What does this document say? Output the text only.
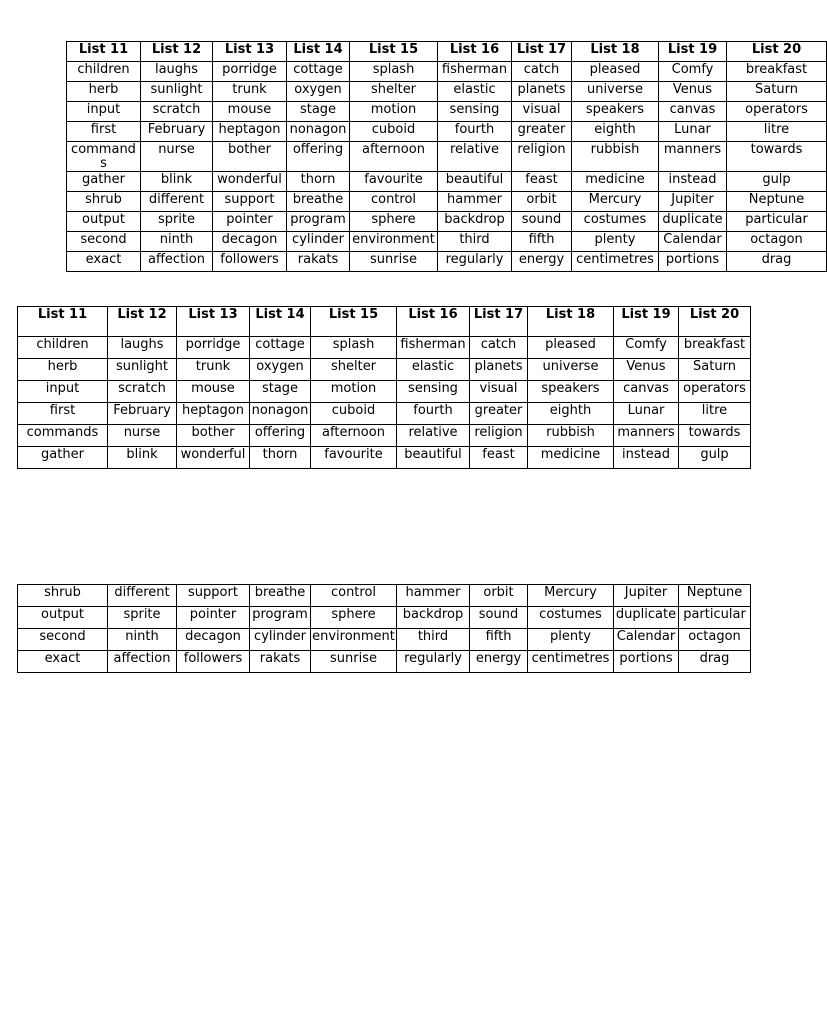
List 11	List 12	List 13	List 14	List 15	List 16	List 17	List 18	List 19	List 20
children	laughs	porridge	cottage	splash	fisherman	catch	pleased	Comfy	breakfast
herb	sunlight	trunk	oxygen	shelter	elastic	planets	universe	Venus	Saturn
input	scratch	mouse	stage	motion	sensing	visual	speakers	canvas	operators
first	February	heptagon	nonagon	cuboid	fourth	greater	eighth	Lunar	litre
commands	nurse	bother	offering	afternoon	relative	religion	rubbish	manners	towards
gather	blink	wonderful	thorn	favourite	beautiful	feast	medicine	instead	gulp
shrub	different	support	breathe	control	hammer	orbit	Mercury	Jupiter	Neptune
output	sprite	pointer	program	sphere	backdrop	sound	costumes	duplicate	particular
second	ninth	decagon	cylinder	environment	third	fifth	plenty	Calendar	octagon
exact	affection	followers	rakats	sunrise	regularly	energy	centimetres	portions	drag
List 11	List 12	List 13	List 14	List 15	List 16	List 17	List 18	List 19	List 20
children	laughs	porridge	cottage	splash	fisherman	catch	pleased	Comfy	breakfast
herb	sunlight	trunk	oxygen	shelter	elastic	planets	universe	Venus	Saturn
input	scratch	mouse	stage	motion	sensing	visual	speakers	canvas	operators
first	February	heptagon	nonagon	cuboid	fourth	greater	eighth	Lunar	litre
commands	nurse	bother	offering	afternoon	relative	religion	rubbish	manners	towards
gather	blink	wonderful	thorn	favourite	beautiful	feast	medicine	instead	gulp
shrub	different	support	breathe	control	hammer	orbit	Mercury	Jupiter	Neptune
output	sprite	pointer	program	sphere	backdrop	sound	costumes	duplicate	particular
second	ninth	decagon	cylinder	environment	third	fifth	plenty	Calendar	octagon
exact	affection	followers	rakats	sunrise	regularly	energy	centimetres	portions	drag
